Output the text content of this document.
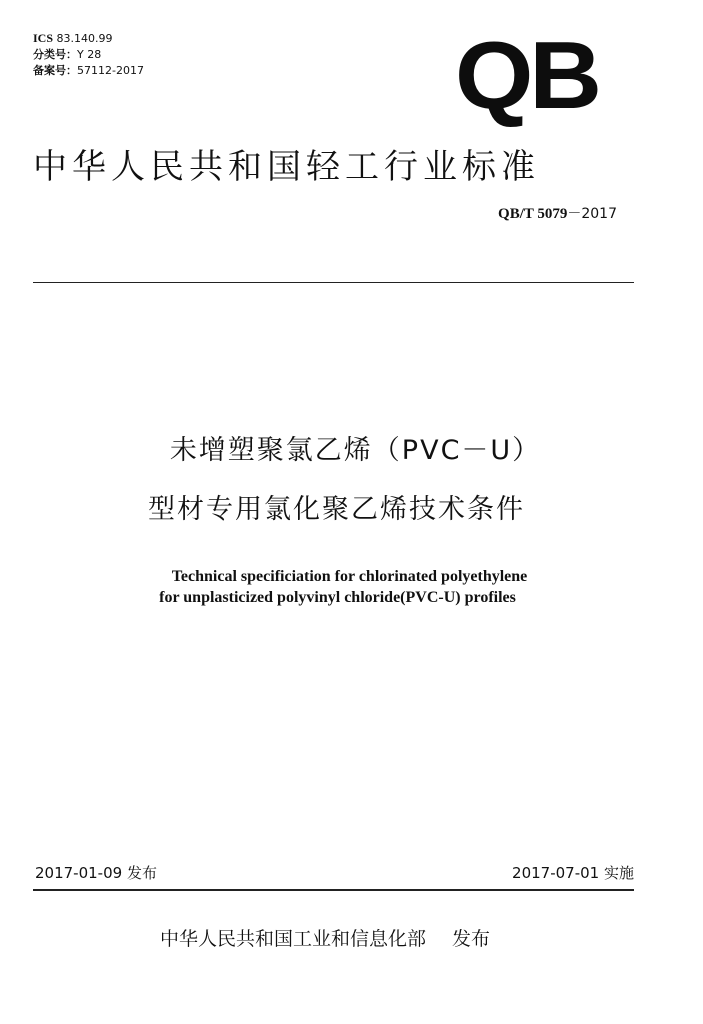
ICS 83.140.99
分类号：Y 28
备案号：57112-2017	QB
中华人民共和国轻工行业标准
QB/T 5079－2017
未增塑聚氯乙烯（PVC－U）
型材专用氯化聚乙烯技术条件
Technical specificiation for chlorinated polyethylene
for unplasticized polyvinyl chloride(PVC-U) profiles
2017-01-09 发布	2017-07-01 实施
中华人民共和国工业和信息化部 发布
